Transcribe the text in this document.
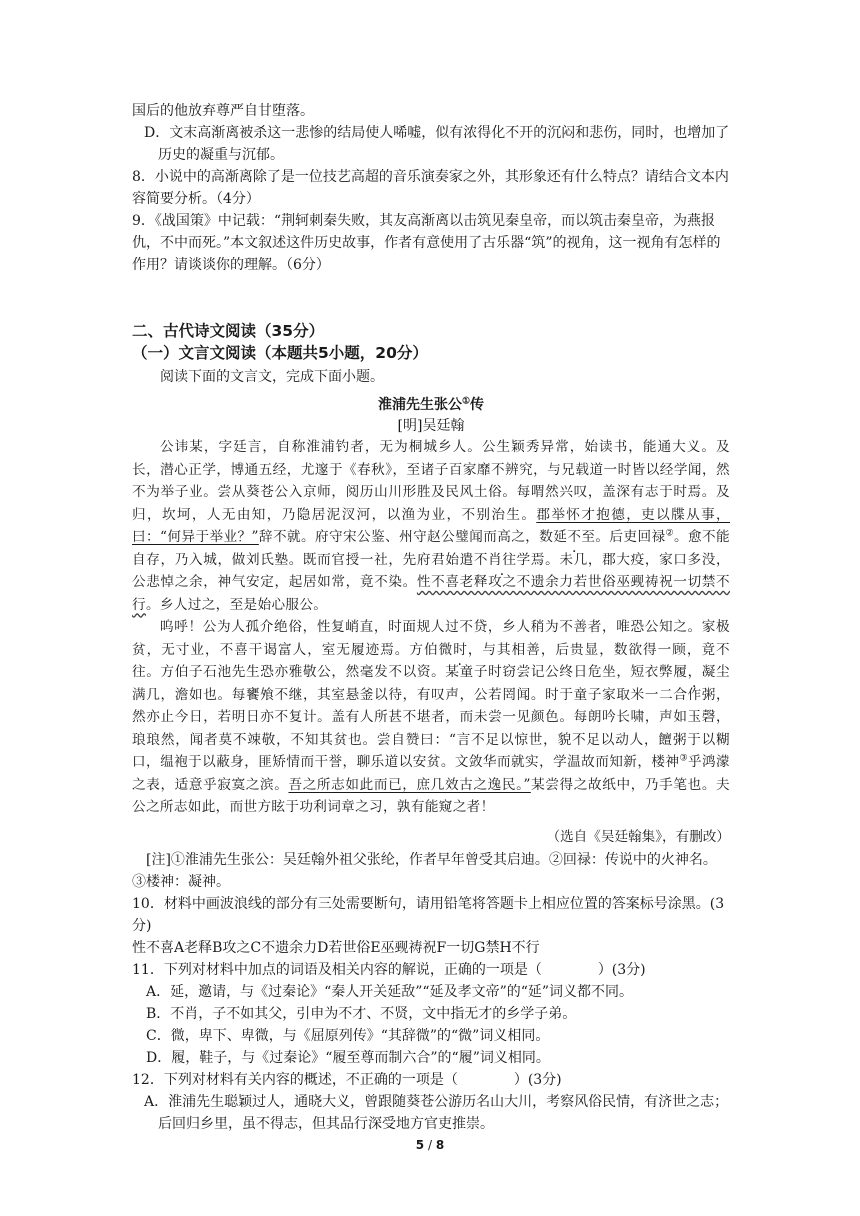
国后的他放弃尊严自甘堕落。

D．文末高渐离被杀这一悲惨的结局使人唏嘘，似有浓得化不开的沉闷和悲伤，同时，也增加了历史的凝重与沉郁。

8．小说中的高渐离除了是一位技艺高超的音乐演奏家之外，其形象还有什么特点？请结合文本内容简要分析。（4分）

9．《战国策》中记载：“荆轲刺秦失败，其友高渐离以击筑见秦皇帝，而以筑击秦皇帝，为燕报仇，不中而死。”本文叙述这件历史故事，作者有意使用了古乐器“筑”的视角，这一视角有怎样的作用？请谈谈你的理解。（6分）

二、古代诗文阅读（35分）

（一）文言文阅读（本题共5小题，20分）

阅读下面的文言文，完成下面小题。

淮浦先生张公①传

[明]吴廷翰

公讳某，字廷言，自称淮浦钓者，无为桐城乡人。公生颖秀异常，始读书，能通大义。及长，潜心正学，博通五经，尤邃于《春秋》，至诸子百家靡不辨究，与兄载道一时皆以经学闻，然不为举子业。尝从葵苍公入京师，阅历山川形胜及民风土俗。每喟然兴叹，盖深有志于时焉。及归，坎坷，人无由知，乃隐居泥汊河，以渔为业，不别治生。郡举怀才抱德，吏以牒从事，曰：“何异于举业？”辞不就。府守宋公鉴、州守赵公璧闻而高之，数延不至。后吏回禄②。愈不能自存，乃入城，做刘氏塾。既而官授一社，先府君始遣不肖往学焉。未几，郡大疫，家口多没，公悲悼之余，神气安定，起居如常，竟不染。性不喜老释攻之不遗余力若世俗巫觋祷祝一切禁不行。乡人过之，至是始心服公。

呜呼！公为人孤介绝俗，性复峭直，时面规人过不贷，乡人稍为不善者，唯恐公知之。家极贫，无寸业，不喜干谒富人，室无履迹焉。方伯微时，与其相善，后贵显，数欲得一顾，竟不往。方伯子石池先生恐亦雅敬公，然毫发不以资。某童子时窃尝记公终日危坐，短衣弊履，凝尘满几，澹如也。每饔飧不继，其室悬釜以待，有叹声，公若罔闻。时于童子家取米一二合作粥，然亦止今日，若明日亦不复计。盖有人所甚不堪者，而未尝一见颜色。每朗吟长啸，声如玉磬，琅琅然，闻者莫不竦敬，不知其贫也。尝自赞曰：“言不足以惊世，貌不足以动人，饘粥于以糊口，缊袍于以蔽身，匪矫情而干誉，聊乐道以安贫。文敛华而就实，学温故而知新，楼神③乎鸿濛之表，适意乎寂寞之滨。吾之所志如此而已，庶几效古之逸民。”某尝得之故纸中，乃手笔也。夫公之所志如此，而世方眩于功利词章之习，孰有能窥之者！

（选自《吴廷翰集》，有删改）

[注]①淮浦先生张公：吴廷翰外祖父张纶，作者早年曾受其启迪。②回禄：传说中的火神名。③楼神：凝神。

10．材料中画波浪线的部分有三处需要断句，请用铅笔将答题卡上相应位置的答案标号涂黑。(3分)

性不喜A老释B攻之C不遗余力D若世俗E巫觋祷祝F一切G禁H不行

11．下列对材料中加点的词语及相关内容的解说，正确的一项是（　　　　）(3分)

A．延，邀请，与《过秦论》“秦人开关延敌”“延及孝文帝”的“延”词义都不同。

B．不肖，子不如其父，引申为不才、不贤，文中指无才的乡学子弟。

C．微，卑下、卑微，与《屈原列传》“其辞微”的“微”词义相同。

D．履，鞋子，与《过秦论》“履至尊而制六合”的“履”词义相同。

12．下列对材料有关内容的概述，不正确的一项是（　　　　）(3分)

A．淮浦先生聪颖过人，通晓大义，曾跟随葵苍公游历名山大川，考察风俗民情，有济世之志；后回归乡里，虽不得志，但其品行深受地方官吏推崇。

5 / 8
